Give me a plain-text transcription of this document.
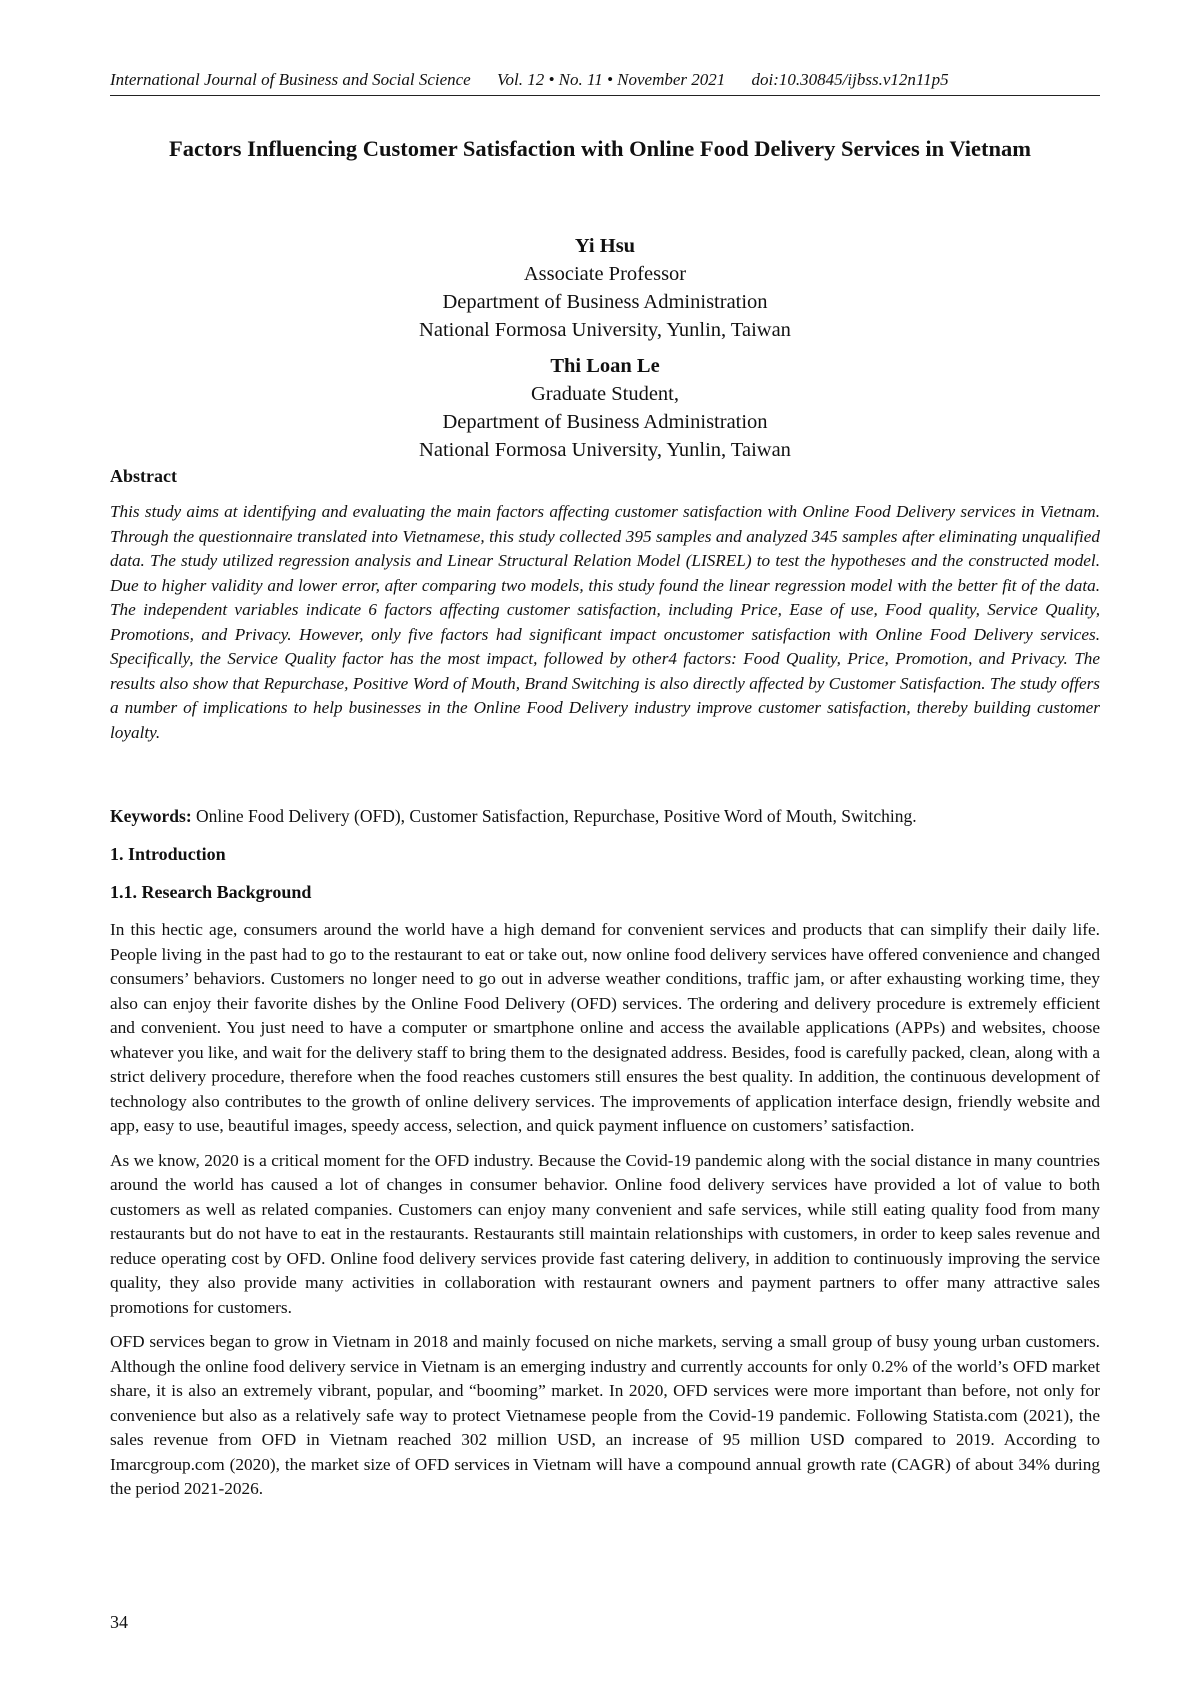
International Journal of Business and Social Science Vol. 12 • No. 11 • November 2021 doi:10.30845/ijbss.v12n11p5
Factors Influencing Customer Satisfaction with Online Food Delivery Services in Vietnam
Yi Hsu
Associate Professor
Department of Business Administration
National Formosa University, Yunlin, Taiwan
Thi Loan Le
Graduate Student,
Department of Business Administration
National Formosa University, Yunlin, Taiwan
Abstract

This study aims at identifying and evaluating the main factors affecting customer satisfaction with Online Food Delivery services in Vietnam. Through the questionnaire translated into Vietnamese, this study collected 395 samples and analyzed 345 samples after eliminating unqualified data. The study utilized regression analysis and Linear Structural Relation Model (LISREL) to test the hypotheses and the constructed model. Due to higher validity and lower error, after comparing two models, this study found the linear regression model with the better fit of the data. The independent variables indicate 6 factors affecting customer satisfaction, including Price, Ease of use, Food quality, Service Quality, Promotions, and Privacy. However, only five factors had significant impact oncustomer satisfaction with Online Food Delivery services. Specifically, the Service Quality factor has the most impact, followed by other4 factors: Food Quality, Price, Promotion, and Privacy. The results also show that Repurchase, Positive Word of Mouth, Brand Switching is also directly affected by Customer Satisfaction. The study offers a number of implications to help businesses in the Online Food Delivery industry improve customer satisfaction, thereby building customer loyalty.

Keywords: Online Food Delivery (OFD), Customer Satisfaction, Repurchase, Positive Word of Mouth, Switching.
1. Introduction
1.1. Research Background

In this hectic age, consumers around the world have a high demand for convenient services and products that can simplify their daily life. People living in the past had to go to the restaurant to eat or take out, now online food delivery services have offered convenience and changed consumers’ behaviors. Customers no longer need to go out in adverse weather conditions, traffic jam, or after exhausting working time, they also can enjoy their favorite dishes by the Online Food Delivery (OFD) services. The ordering and delivery procedure is extremely efficient and convenient. You just need to have a computer or smartphone online and access the available applications (APPs) and websites, choose whatever you like, and wait for the delivery staff to bring them to the designated address. Besides, food is carefully packed, clean, along with a strict delivery procedure, therefore when the food reaches customers still ensures the best quality. In addition, the continuous development of technology also contributes to the growth of online delivery services. The improvements of application interface design, friendly website and app, easy to use, beautiful images, speedy access, selection, and quick payment influence on customers’ satisfaction.

As we know, 2020 is a critical moment for the OFD industry. Because the Covid-19 pandemic along with the social distance in many countries around the world has caused a lot of changes in consumer behavior. Online food delivery services have provided a lot of value to both customers as well as related companies. Customers can enjoy many convenient and safe services, while still eating quality food from many restaurants but do not have to eat in the restaurants. Restaurants still maintain relationships with customers, in order to keep sales revenue and reduce operating cost by OFD. Online food delivery services provide fast catering delivery, in addition to continuously improving the service quality, they also provide many activities in collaboration with restaurant owners and payment partners to offer many attractive sales promotions for customers.

OFD services began to grow in Vietnam in 2018 and mainly focused on niche markets, serving a small group of busy young urban customers. Although the online food delivery service in Vietnam is an emerging industry and currently accounts for only 0.2% of the world’s OFD market share, it is also an extremely vibrant, popular, and “booming” market. In 2020, OFD services were more important than before, not only for convenience but also as a relatively safe way to protect Vietnamese people from the Covid-19 pandemic. Following Statista.com (2021), the sales revenue from OFD in Vietnam reached 302 million USD, an increase of 95 million USD compared to 2019. According to Imarcgroup.com (2020), the market size of OFD services in Vietnam will have a compound annual growth rate (CAGR) of about 34% during the period 2021-2026.

34
